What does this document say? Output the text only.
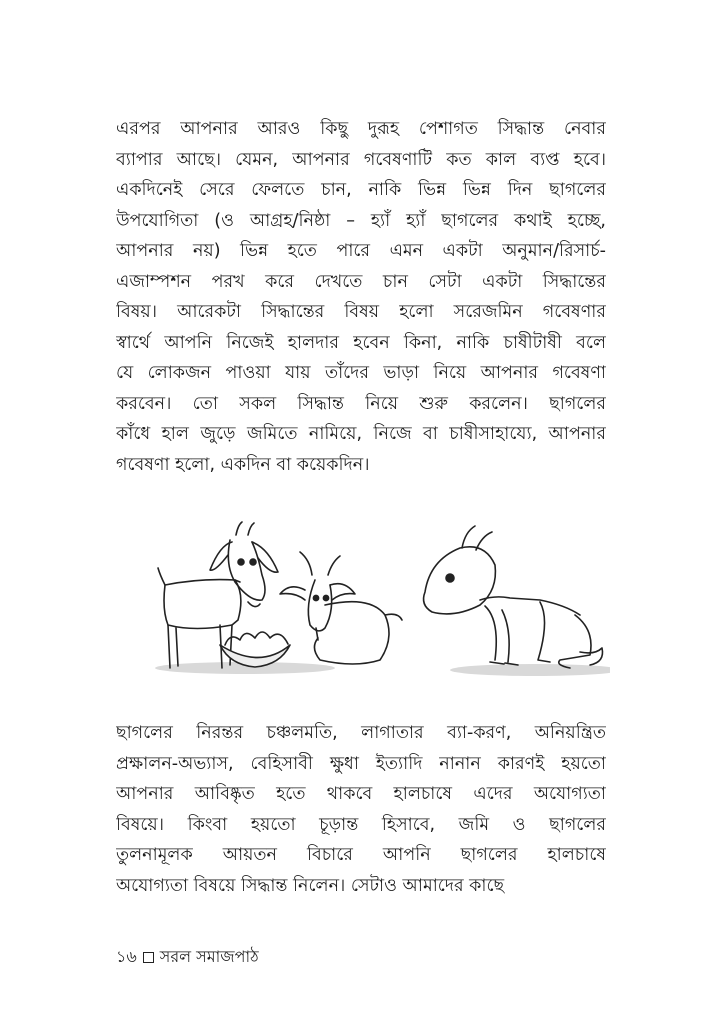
এরপর আপনার আরও কিছু দুরূহ পেশাগত সিদ্ধান্ত নেবার
ব্যাপার আছে। যেমন, আপনার গবেষণাটি কত কাল ব্যপ্ত হবে।
একদিনেই সেরে ফেলতে চান, নাকি ভিন্ন ভিন্ন দিন ছাগলের
উপযোগিতা (ও আগ্রহ/নিষ্ঠা – হ্যাঁ হ্যাঁ ছাগলের কথাই হচ্ছে,
আপনার নয়) ভিন্ন হতে পারে এমন একটা অনুমান/রিসার্চ-
এজাম্পশন পরখ করে দেখতে চান সেটা একটা সিদ্ধান্তের
বিষয়। আরেকটা সিদ্ধান্তের বিষয় হলো সরেজমিন গবেষণার
স্বার্থে আপনি নিজেই হালদার হবেন কিনা, নাকি চাষীটাষী বলে
যে লোকজন পাওয়া যায় তাঁদের ভাড়া নিয়ে আপনার গবেষণা
করবেন। তো সকল সিদ্ধান্ত নিয়ে শুরু করলেন। ছাগলের
কাঁধে হাল জুড়ে জমিতে নামিয়ে, নিজে বা চাষীসাহায্যে, আপনার
গবেষণা হলো, একদিন বা কয়েকদিন।
ছাগলের নিরন্তর চঞ্চলমতি, লাগাতার ব্যা-করণ, অনিয়ন্ত্রিত
প্রক্ষালন-অভ্যাস, বেহিসাবী ক্ষুধা ইত্যাদি নানান কারণই হয়তো
আপনার আবিষ্কৃত হতে থাকবে হালচাষে এদের অযোগ্যতা
বিষয়ে। কিংবা হয়তো চূড়ান্ত হিসাবে, জমি ও ছাগলের
তুলনামূলক আয়তন বিচারে আপনি ছাগলের হালচাষে
অযোগ্যতা বিষয়ে সিদ্ধান্ত নিলেন। সেটাও আমাদের কাছে
১৬ সরল সমাজপাঠ
